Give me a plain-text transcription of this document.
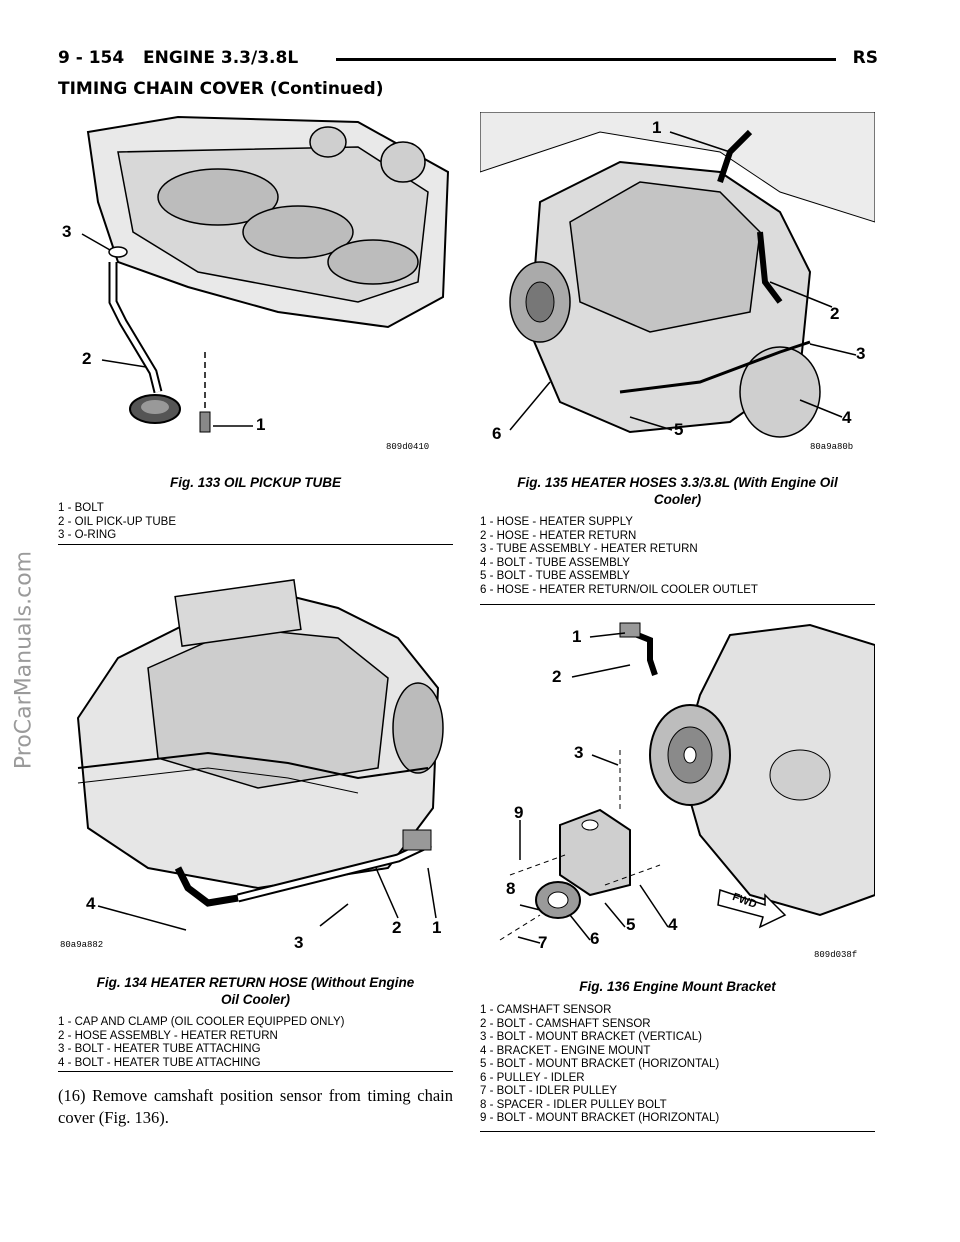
9 - 154 ENGINE 3.3/3.8L	RS
TIMING CHAIN COVER (Continued)
ProCarManuals.com
3
2
1
809d0410
Fig. 133 OIL PICKUP TUBE
1 - BOLT
2 - OIL PICK-UP TUBE
3 - O-RING
4
3
2 1
80a9a882
Fig. 134 HEATER RETURN HOSE (Without Engine
Oil Cooler)
1 - CAP AND CLAMP (OIL COOLER EQUIPPED ONLY)
2 - HOSE ASSEMBLY - HEATER RETURN
3 - BOLT - HEATER TUBE ATTACHING
4 - BOLT - HEATER TUBE ATTACHING
(16) Remove camshaft position sensor from timing chain cover (Fig. 136).
1
2
3
4
5
6
80a9a80b
Fig. 135 HEATER HOSES 3.3/3.8L (With Engine Oil
Cooler)
1 - HOSE - HEATER SUPPLY
2 - HOSE - HEATER RETURN
3 - TUBE ASSEMBLY - HEATER RETURN
4 - BOLT - TUBE ASSEMBLY
5 - BOLT - TUBE ASSEMBLY
6 - HOSE - HEATER RETURN/OIL COOLER OUTLET
1
2
3
9
8
7	6
5 4
FWD
809d038f
Fig. 136 Engine Mount Bracket
1 - CAMSHAFT SENSOR
2 - BOLT - CAMSHAFT SENSOR
3 - BOLT - MOUNT BRACKET (VERTICAL)
4 - BRACKET - ENGINE MOUNT
5 - BOLT - MOUNT BRACKET (HORIZONTAL)
6 - PULLEY - IDLER
7 - BOLT - IDLER PULLEY
8 - SPACER - IDLER PULLEY BOLT
9 - BOLT - MOUNT BRACKET (HORIZONTAL)
